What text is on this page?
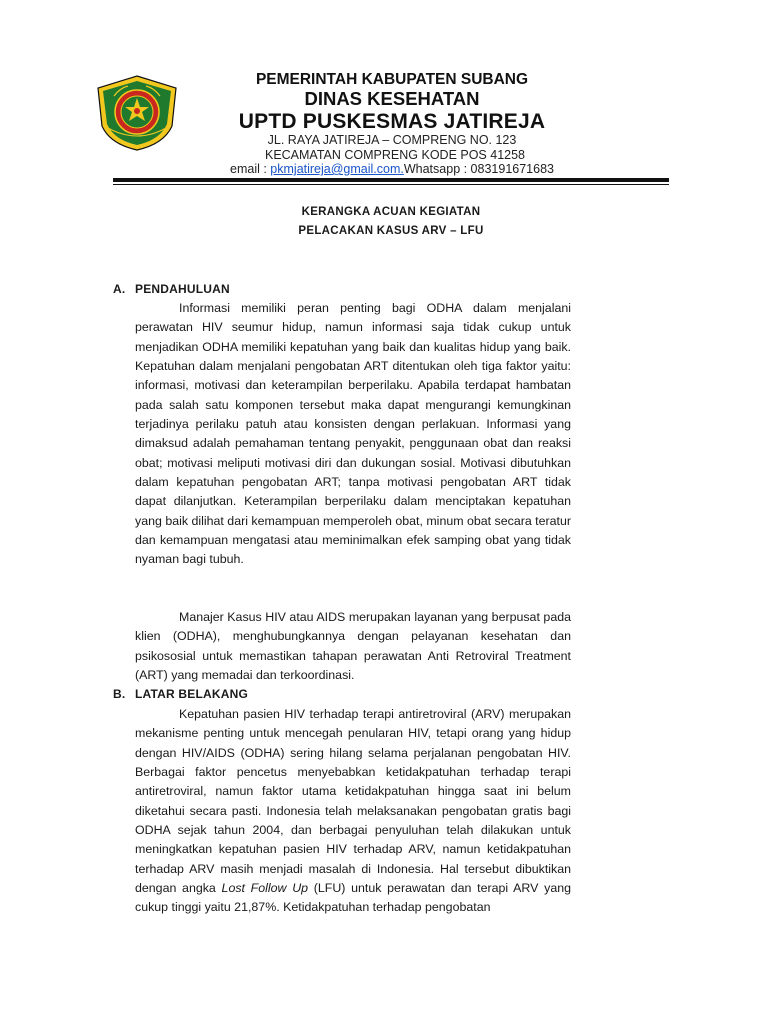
PEMERINTAH KABUPATEN SUBANG
DINAS KESEHATAN
UPTD PUSKESMAS JATIREJA
JL. RAYA JATIREJA – COMPRENG NO. 123
KECAMATAN COMPRENG KODE POS 41258
email : pkmjatireja@gmail.com.Whatsapp : 083191671683
KERANGKA ACUAN KEGIATAN
PELACAKAN KASUS ARV – LFU
A. PENDAHULUAN

Informasi memiliki peran penting bagi ODHA dalam menjalani perawatan HIV seumur hidup, namun informasi saja tidak cukup untuk menjadikan ODHA memiliki kepatuhan yang baik dan kualitas hidup yang baik. Kepatuhan dalam menjalani pengobatan ART ditentukan oleh tiga faktor yaitu: informasi, motivasi dan keterampilan berperilaku. Apabila terdapat hambatan pada salah satu komponen tersebut maka dapat mengurangi kemungkinan terjadinya perilaku patuh atau konsisten dengan perlakuan. Informasi yang dimaksud adalah pemahaman tentang penyakit, penggunaan obat dan reaksi obat; motivasi meliputi motivasi diri dan dukungan sosial. Motivasi dibutuhkan dalam kepatuhan pengobatan ART; tanpa motivasi pengobatan ART tidak dapat dilanjutkan. Keterampilan berperilaku dalam menciptakan kepatuhan yang baik dilihat dari kemampuan memperoleh obat, minum obat secara teratur dan kemampuan mengatasi atau meminimalkan efek samping obat yang tidak nyaman bagi tubuh.

Manajer Kasus HIV atau AIDS merupakan layanan yang berpusat pada klien (ODHA), menghubungkannya dengan pelayanan kesehatan dan psikososial untuk memastikan tahapan perawatan Anti Retroviral Treatment (ART) yang memadai dan terkoordinasi.

B. LATAR BELAKANG

Kepatuhan pasien HIV terhadap terapi antiretroviral (ARV) merupakan mekanisme penting untuk mencegah penularan HIV, tetapi orang yang hidup dengan HIV/AIDS (ODHA) sering hilang selama perjalanan pengobatan HIV. Berbagai faktor pencetus menyebabkan ketidakpatuhan terhadap terapi antiretroviral, namun faktor utama ketidakpatuhan hingga saat ini belum diketahui secara pasti. Indonesia telah melaksanakan pengobatan gratis bagi ODHA sejak tahun 2004, dan berbagai penyuluhan telah dilakukan untuk meningkatkan kepatuhan pasien HIV terhadap ARV, namun ketidakpatuhan terhadap ARV masih menjadi masalah di Indonesia. Hal tersebut dibuktikan dengan angka Lost Follow Up (LFU) untuk perawatan dan terapi ARV yang cukup tinggi yaitu 21,87%. Ketidakpatuhan terhadap pengobatan
